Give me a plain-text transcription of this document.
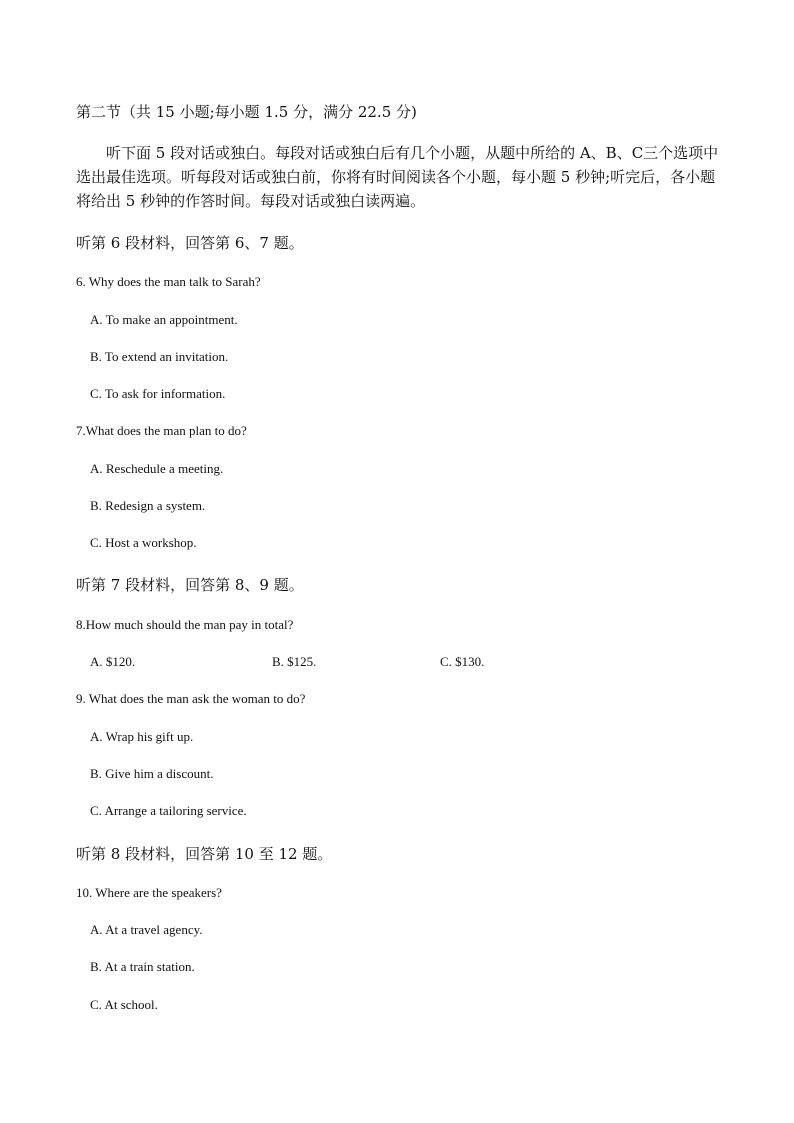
第二节（共 15 小题;每小题 1.5 分，满分 22.5 分)
听下面 5 段对话或独白。每段对话或独白后有几个小题，从题中所给的 A、B、C三个选项中选出最佳选项。听每段对话或独白前，你将有时间阅读各个小题，每小题 5 秒钟;听完后，各小题将给出 5 秒钟的作答时间。每段对话或独白读两遍。
听第 6 段材料，回答第 6、7 题。
6. Why does the man talk to Sarah?
A. To make an appointment.
B. To extend an invitation.
C. To ask for information.
7.What does the man plan to do?
A. Reschedule a meeting.
B. Redesign a system.
C. Host a workshop.
听第 7 段材料，回答第 8、9 题。
8.How much should the man pay in total?
A. $120.	B. $125.	C. $130.
9. What does the man ask the woman to do?
A. Wrap his gift up.
B. Give him a discount.
C. Arrange a tailoring service.
听第 8 段材料，回答第 10 至 12 题。
10. Where are the speakers?
A. At a travel agency.
B. At a train station.
C. At school.
